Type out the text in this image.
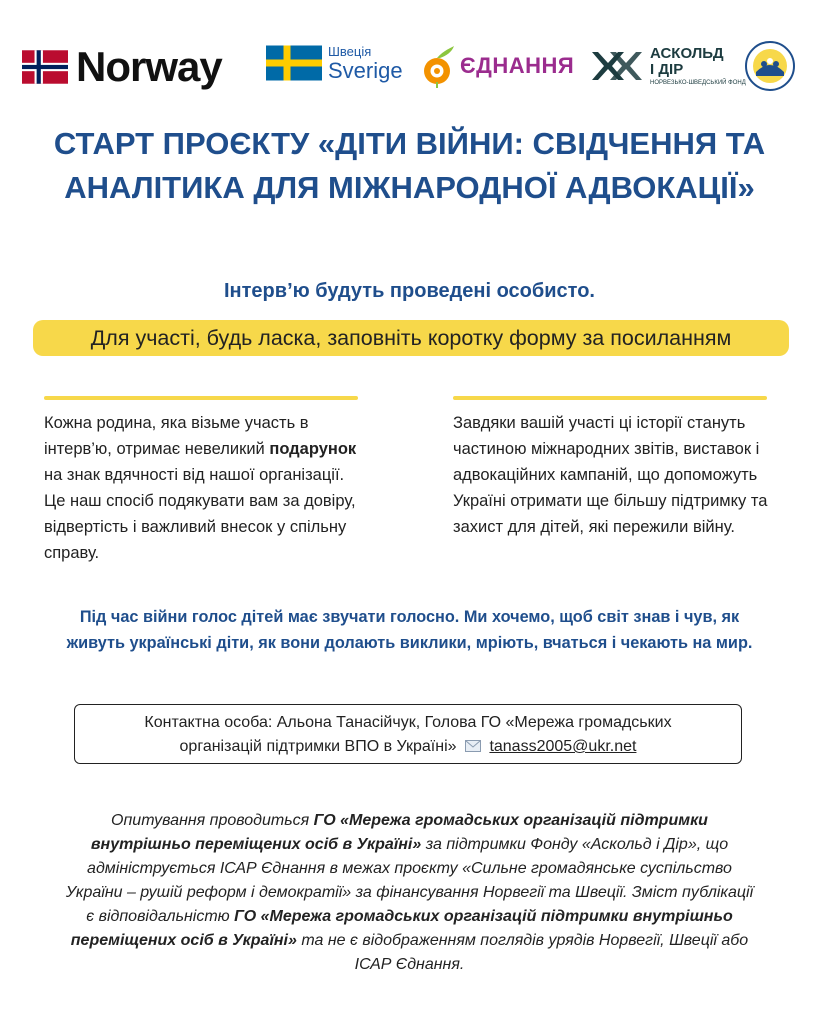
Norway	Швеція
Sverige	ЄДНАННЯ	АСКОЛЬД
І ДІР
НОРВЕЗЬКО-ШВЕДСЬКИЙ ФОНД
СТАРТ ПРОЄКТУ «ДІТИ ВІЙНИ: СВІДЧЕННЯ ТА
АНАЛІТИКА ДЛЯ МІЖНАРОДНОЇ АДВОКАЦІЇ»
Інтерв’ю будуть проведені особисто.
Для участі, будь ласка, заповніть коротку форму за посиланням

Кожна родина, яка візьме участь в інтерв’ю, отримає невеликий подарунок на знак вдячності від нашої організації. Це наш спосіб подякувати вам за довіру, відвертість і важливий внесок у спільну справу.

Завдяки вашій участі ці історії стануть частиною міжнародних звітів, виставок і адвокаційних кампаній, що допоможуть Україні отримати ще більшу підтримку та захист для дітей, які пережили війну.

Під час війни голос дітей має звучати голосно. Ми хочемо, щоб світ знав і чув, як
живуть українські діти, як вони долають виклики, мріють, вчаться і чекають на мир.

Контактна особа: Альона Танасійчук, Голова ГО «Мережа громадських
організацій підтримки ВПО в Україні» tanass2005@ukr.net

Опитування проводиться ГО «Мережа громадських організацій підтримки внутрішньо переміщених осіб в Україні» за підтримки Фонду «Аскольд і Дір», що адмініструється ІСАР Єднання в межах проєкту «Сильне громадянське суспільство України – рушій реформ і демократії» за фінансування Норвегії та Швеції. Зміст публікації є відповідальністю ГО «Мережа громадських організацій підтримки внутрішньо переміщених осіб в Україні» та не є відображенням поглядів урядів Норвегії, Швеції або ІСАР Єднання.
